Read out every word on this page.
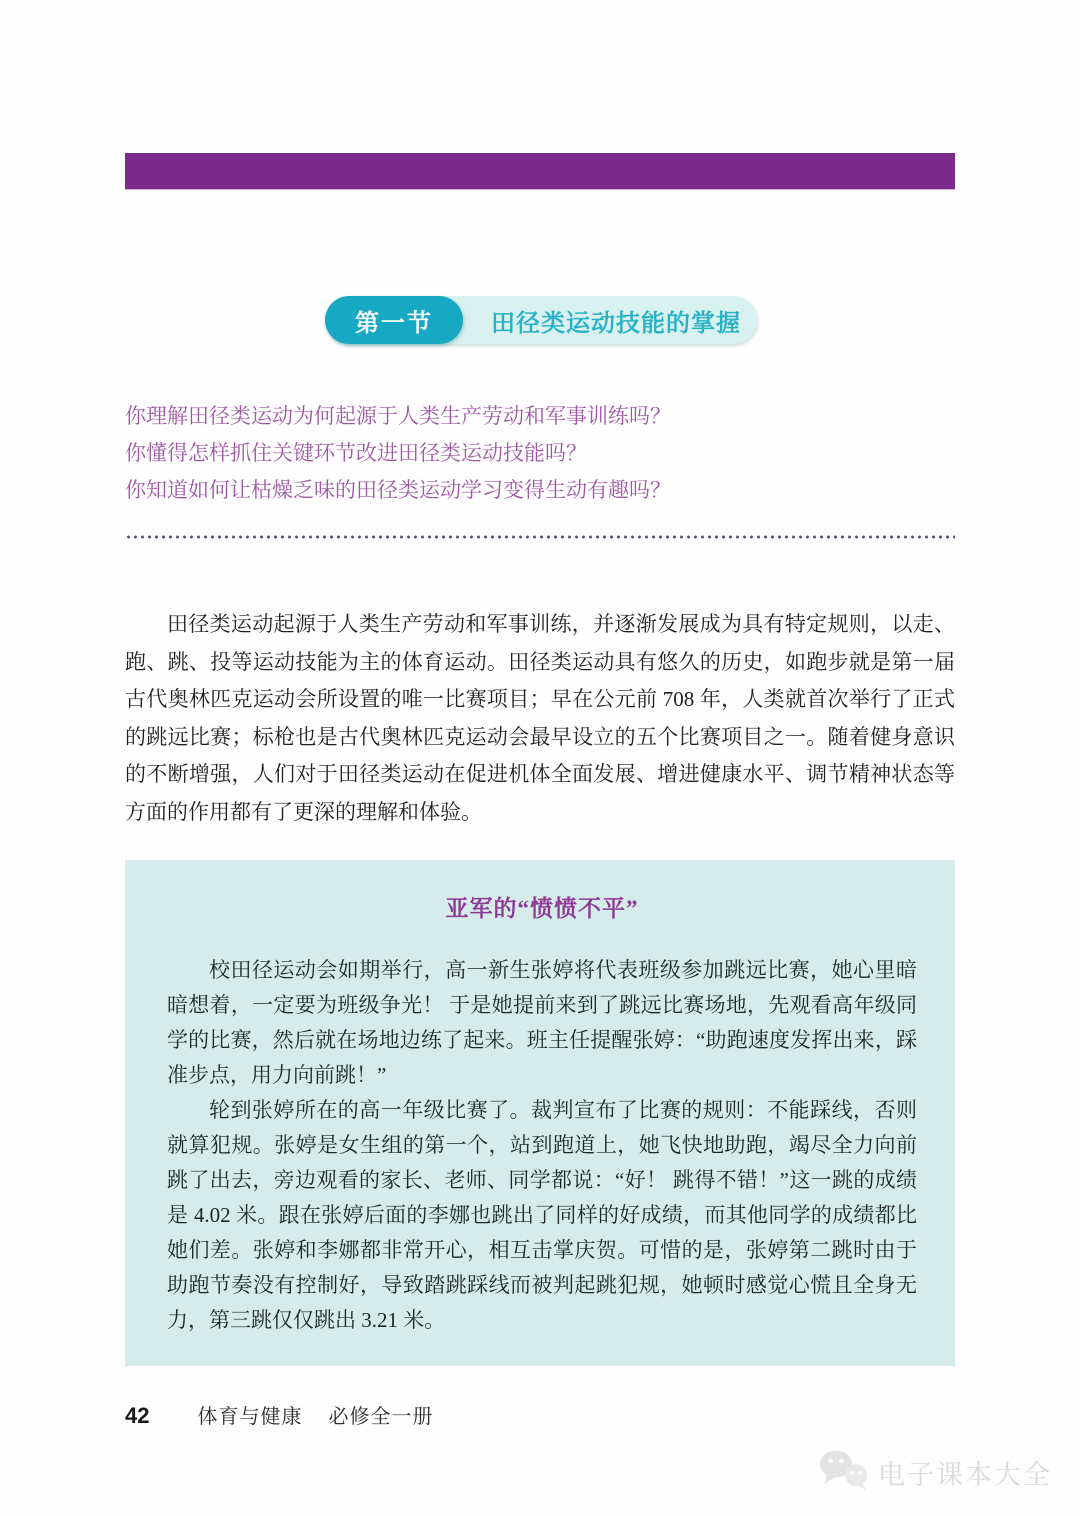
田径类运动技能的掌握
第一节

你理解田径类运动为何起源于人类生产劳动和军事训练吗？

你懂得怎样抓住关键环节改进田径类运动技能吗？

你知道如何让枯燥乏味的田径类运动学习变得生动有趣吗？

田径类运动起源于人类生产劳动和军事训练，并逐渐发展成为具有特定规则，以走、跑、跳、投等运动技能为主的体育运动。田径类运动具有悠久的历史，如跑步就是第一届古代奥林匹克运动会所设置的唯一比赛项目；早在公元前 708 年，人类就首次举行了正式的跳远比赛；标枪也是古代奥林匹克运动会最早设立的五个比赛项目之一。随着健身意识的不断增强，人们对于田径类运动在促进机体全面发展、增进健康水平、调节精神状态等方面的作用都有了更深的理解和体验。

亚军的“愤愤不平”

校田径运动会如期举行，高一新生张婷将代表班级参加跳远比赛，她心里暗暗想着，一定要为班级争光！ 于是她提前来到了跳远比赛场地，先观看高年级同学的比赛，然后就在场地边练了起来。班主任提醒张婷：“助跑速度发挥出来，踩准步点，用力向前跳！”

轮到张婷所在的高一年级比赛了。裁判宣布了比赛的规则：不能踩线，否则就算犯规。张婷是女生组的第一个，站到跑道上，她飞快地助跑，竭尽全力向前跳了出去，旁边观看的家长、老师、同学都说：“好！ 跳得不错！”这一跳的成绩是 4.02 米。跟在张婷后面的李娜也跳出了同样的好成绩，而其他同学的成绩都比她们差。张婷和李娜都非常开心，相互击掌庆贺。可惜的是，张婷第二跳时由于助跑节奏没有控制好，导致踏跳踩线而被判起跳犯规，她顿时感觉心慌且全身无力，第三跳仅仅跳出 3.21 米。

42 体育与健康 必修全一册
电子课本大全
